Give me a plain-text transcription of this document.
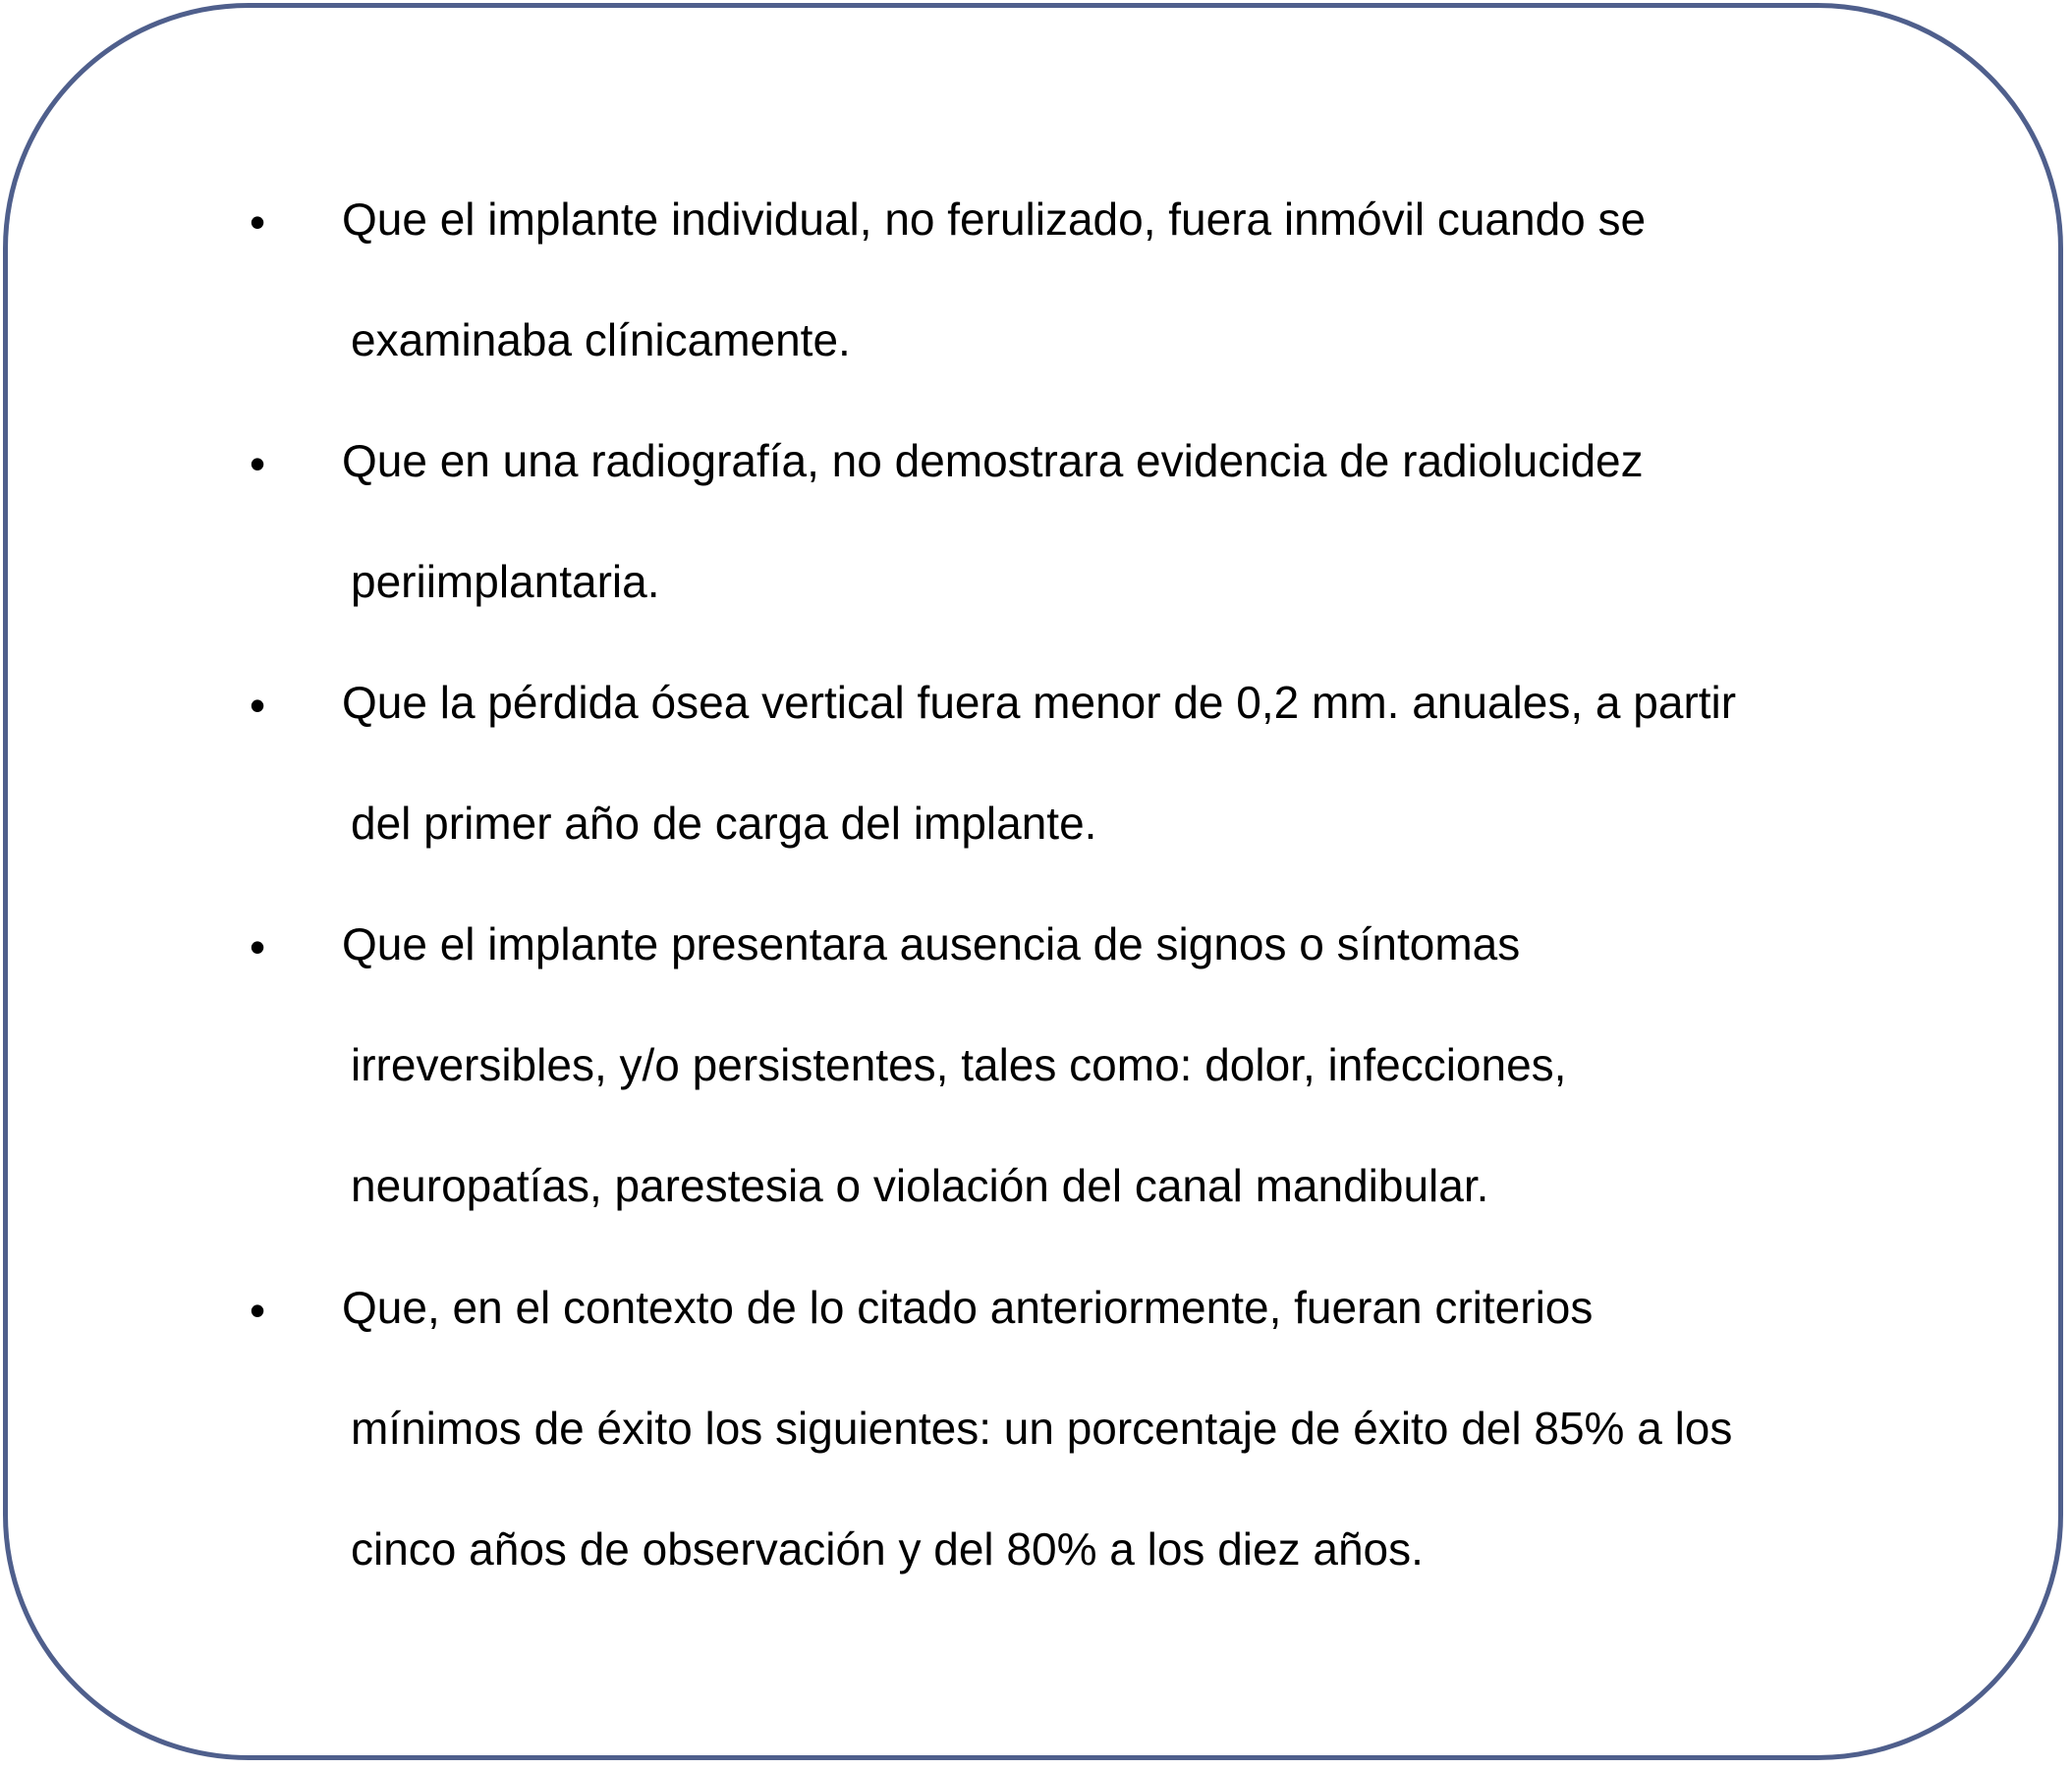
•	Que el implante individual, no ferulizado, fuera inmóvil cuando se
examinaba clínicamente.
•	Que en una radiografía, no demostrara evidencia de radiolucidez
periimplantaria.
•	Que la pérdida ósea vertical fuera menor de 0,2 mm. anuales, a partir
del primer año de carga del implante.
•	Que el implante presentara ausencia de signos o síntomas
irreversibles, y/o persistentes, tales como: dolor, infecciones,
neuropatías, parestesia o violación del canal mandibular.
•	Que, en el contexto de lo citado anteriormente, fueran criterios
mínimos de éxito los siguientes: un porcentaje de éxito del 85% a los
cinco años de observación y del 80% a los diez años.
